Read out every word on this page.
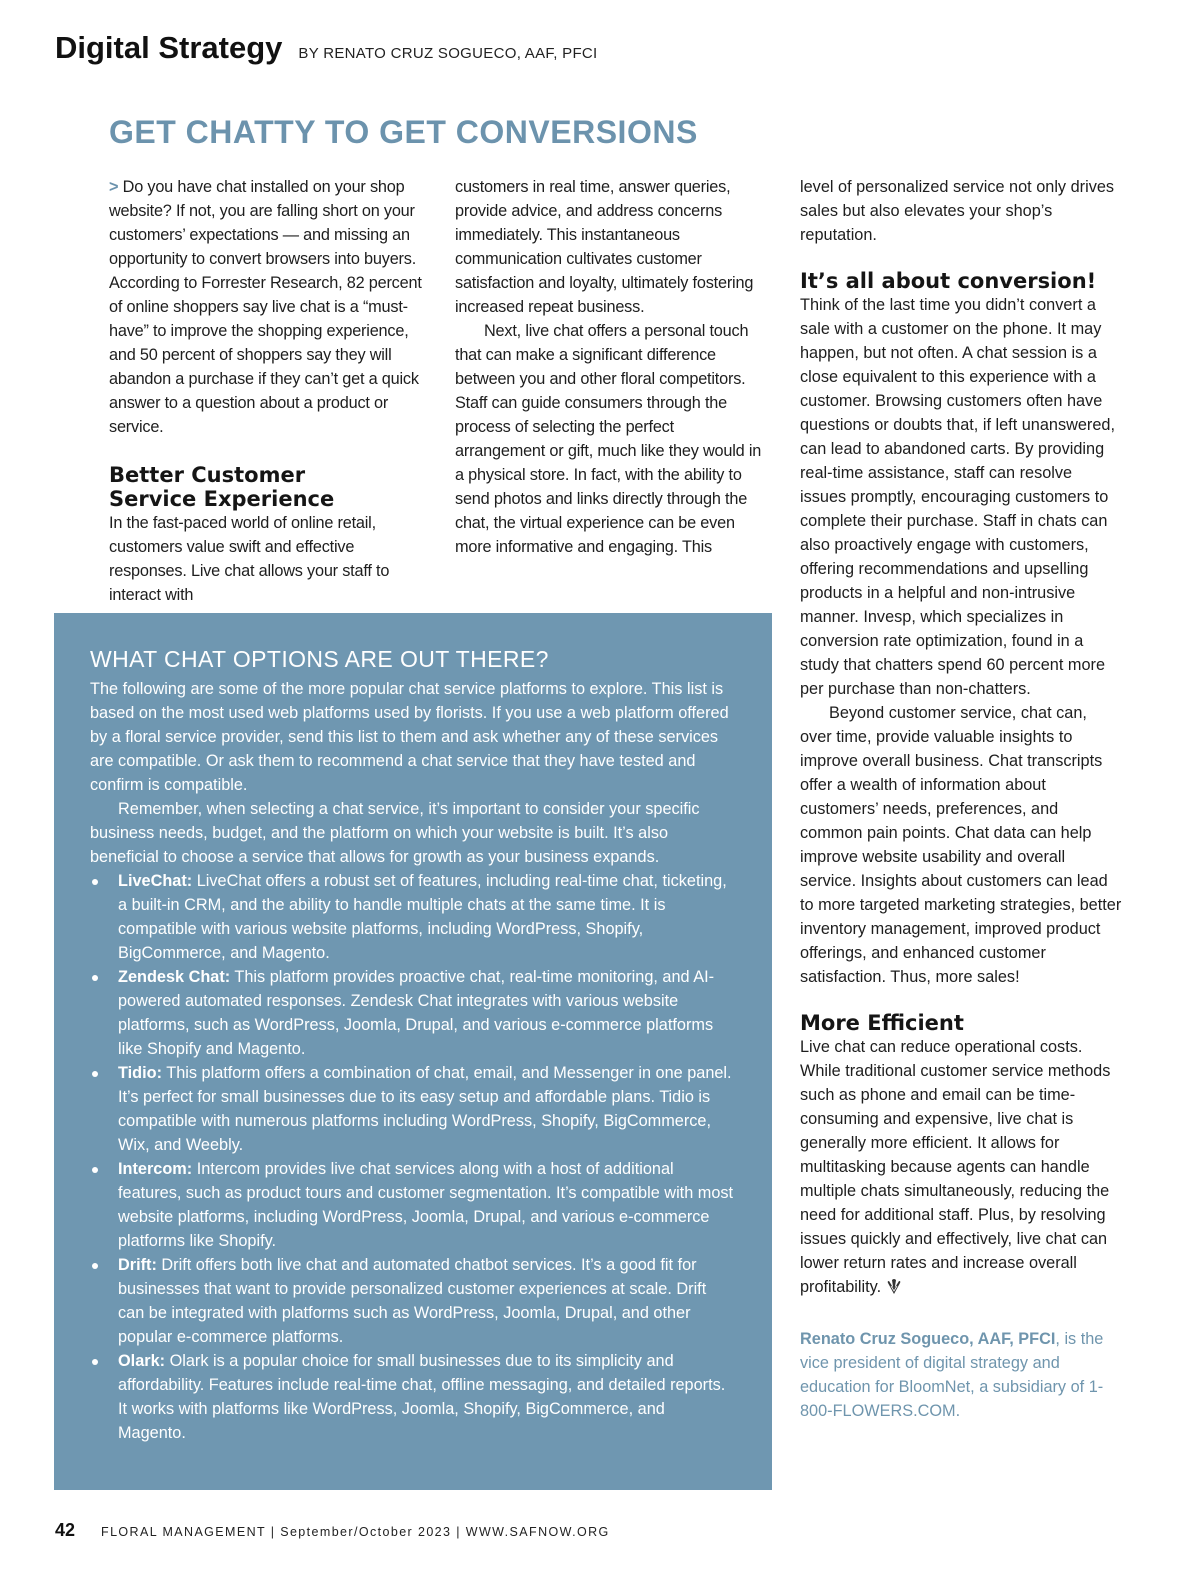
Digital Strategy BY RENATO CRUZ SOGUECO, AAF, PFCI
GET CHATTY TO GET CONVERSIONS

> Do you have chat installed on your shop website? If not, you are falling short on your customers’ expectations — and missing an opportunity to convert browsers into buyers. According to Forrester Research, 82 percent of online shoppers say live chat is a “must-have” to improve the shopping experience, and 50 percent of shoppers say they will abandon a purchase if they can’t get a quick answer to a question about a product or service.

Better Customer
Service Experience

In the fast-paced world of online retail, customers value swift and effective responses. Live chat allows your staff to interact with

customers in real time, answer queries, provide advice, and address concerns immediately. This instantaneous communication cultivates customer satisfaction and loyalty, ultimately fostering increased repeat business.

Next, live chat offers a personal touch that can make a significant difference between you and other floral competitors. Staff can guide consumers through the process of selecting the perfect arrangement or gift, much like they would in a physical store. In fact, with the ability to send photos and links directly through the chat, the virtual experience can be even more informative and engaging. This

level of personalized service not only drives sales but also elevates your shop’s reputation.

It’s all about conversion!

Think of the last time you didn’t convert a sale with a customer on the phone. It may happen, but not often. A chat session is a close equivalent to this experience with a customer. Browsing customers often have questions or doubts that, if left unanswered, can lead to abandoned carts. By providing real-time assistance, staff can resolve issues promptly, encouraging customers to complete their purchase. Staff in chats can also proactively engage with customers, offering recommendations and upselling products in a helpful and non-intrusive manner. Invesp, which specializes in conversion rate optimization, found in a study that chatters spend 60 percent more per purchase than non-chatters.

Beyond customer service, chat can, over time, provide valuable insights to improve overall business. Chat transcripts offer a wealth of information about customers’ needs, preferences, and common pain points. Chat data can help improve website usability and overall service. Insights about customers can lead to more targeted marketing strategies, better inventory management, improved product offerings, and enhanced customer satisfaction. Thus, more sales!

More Efficient

Live chat can reduce operational costs. While traditional customer service methods such as phone and email can be time-consuming and expensive, live chat is generally more efficient. It allows for multitasking because agents can handle multiple chats simultaneously, reducing the need for additional staff. Plus, by resolving issues quickly and effectively, live chat can lower return rates and increase overall profitability.

Renato Cruz Sogueco, AAF, PFCI, is the vice president of digital strategy and education for BloomNet, a subsidiary of 1-800-FLOWERS.COM.

WHAT CHAT OPTIONS ARE OUT THERE?

The following are some of the more popular chat service platforms to explore. This list is based on the most used web platforms used by florists. If you use a web platform offered by a floral service provider, send this list to them and ask whether any of these services are compatible. Or ask them to recommend a chat service that they have tested and confirm is compatible.

Remember, when selecting a chat service, it’s important to consider your specific business needs, budget, and the platform on which your website is built. It’s also beneficial to choose a service that allows for growth as your business expands.

LiveChat: LiveChat offers a robust set of features, including real-time chat, ticketing, a built-in CRM, and the ability to handle multiple chats at the same time. It is compatible with various website platforms, including WordPress, Shopify, BigCommerce, and Magento.
Zendesk Chat: This platform provides proactive chat, real-time monitoring, and AI-powered automated responses. Zendesk Chat integrates with various website platforms, such as WordPress, Joomla, Drupal, and various e-commerce platforms like Shopify and Magento.
Tidio: This platform offers a combination of chat, email, and Messenger in one panel. It’s perfect for small businesses due to its easy setup and affordable plans. Tidio is compatible with numerous platforms including WordPress, Shopify, BigCommerce, Wix, and Weebly.
Intercom: Intercom provides live chat services along with a host of additional features, such as product tours and customer segmentation. It’s compatible with most website platforms, including WordPress, Joomla, Drupal, and various e-commerce platforms like Shopify.
Drift: Drift offers both live chat and automated chatbot services. It’s a good fit for businesses that want to provide personalized customer experiences at scale. Drift can be integrated with platforms such as WordPress, Joomla, Drupal, and other popular e-commerce platforms.
Olark: Olark is a popular choice for small businesses due to its simplicity and affordability. Features include real-time chat, offline messaging, and detailed reports. It works with platforms like WordPress, Joomla, Shopify, BigCommerce, and Magento.
42 FLORAL MANAGEMENT | September/October 2023 | WWW.SAFNOW.ORG
